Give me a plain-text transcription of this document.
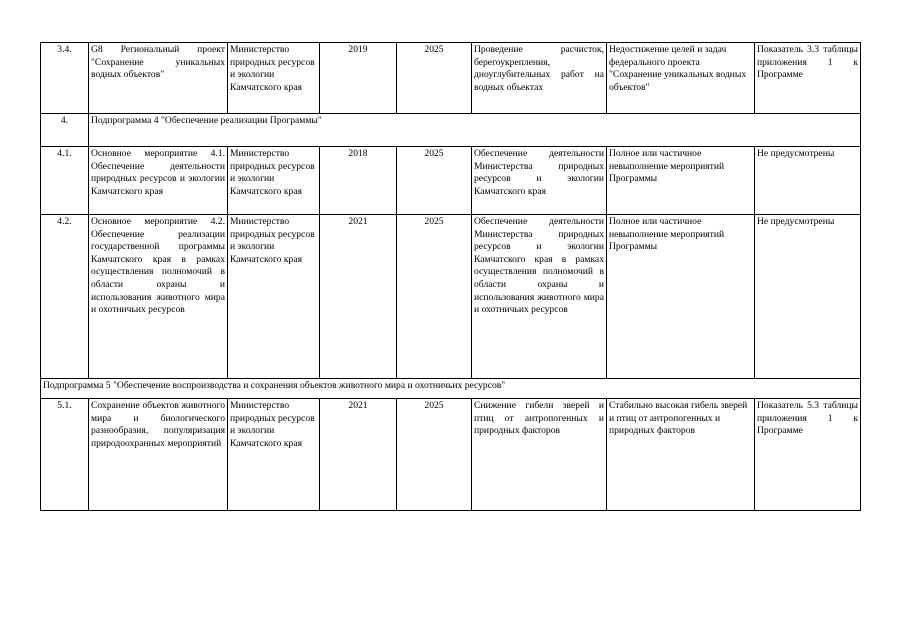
3.4.	G8 Региональный проект "Сохранение уникальных водных объектов"	Министерство природных ресурсов и экологии Камчатского края	2019	2025	Проведение расчисток, берегоукрепления, дноуглубительных работ на водных объектах	Недостижение целей и задач федерального проекта "Сохранение уникальных водных объектов"	Показатель 3.3 таблицы приложения 1 к Программе
4.	Подпрограмма 4 "Обеспечение реализации Программы"						
4.1.	Основное мероприятие 4.1. Обеспечение деятельности природных ресурсов и экологии Камчатского края	Министерство природных ресурсов и экологии Камчатского края	2018	2025	Обеспечение деятельности Министерства природных ресурсов и экологии Камчатского края	Полное или частичное невыполнение мероприятий Программы	Не предусмотрены
4.2.	Основное мероприятие 4.2. Обеспечение реализации государственной программы Камчатского края в рамках осуществления полномочий в области охраны и использования животного мира и охотничьих ресурсов	Министерство природных ресурсов и экологии Камчатского края	2021	2025	Обеспечение деятельности Министерства природных ресурсов и экологии Камчатского края в рамках осуществления полномочий в области охраны и использования животного мира и охотничьих ресурсов	Полное или частичное невыполнение мероприятий Программы	Не предусмотрены
Подпрограмма 5 "Обеспечение воспроизводства и сохранения объектов животного мира и охотничьих ресурсов"							
5.1.	Сохранение объектов животного мира и биологического разнообразия, популяризация природоохранных мероприятий	Министерство природных ресурсов и экологии Камчатского края	2021	2025	Снижение гибели зверей и птиц от антропогенных и природных факторов	Стабильно высокая гибель зверей и птиц от антропогенных и природных факторов	Показатель 5.3 таблицы приложения 1 к Программе
